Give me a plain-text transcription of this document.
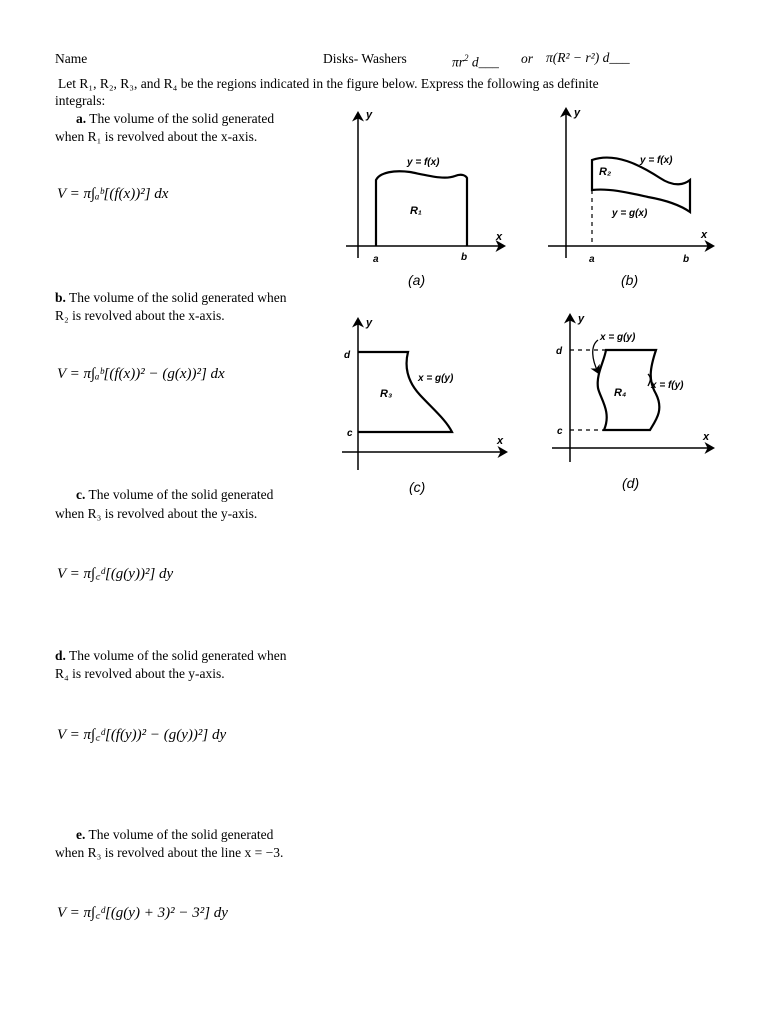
Name	Disks- Washers	$\pi r^2$ d___ or π(R² − r²) d___
Let R₁, R₂, R₃, and R₄ be the regions indicated in the figure below. Express the following as definite
integrals:
a. The volume of the solid generated
when R₁ is revolved about the x-axis.
V = π∫ₐᵇ[(f(x))²] dx
b. The volume of the solid generated when
R₂ is revolved about the x-axis.
V = π∫ₐᵇ[(f(x))² − (g(x))²] dx
c. The volume of the solid generated
when R₃ is revolved about the y-axis.
V = π∫꜀ᵈ[(g(y))²] dy
d. The volume of the solid generated when
R₄ is revolved about the y-axis.
V = π∫꜀ᵈ[(f(y))² − (g(y))²] dy
e. The volume of the solid generated
when R₃ is revolved about the line x = −3.
V = π∫꜀ᵈ[(g(y) + 3)² − 3²] dy
y
x
y = f(x)
R₁
a	b
(a)
y
x
y = f(x)
y = g(x)
R₂
a	b
(b)
y
x
x = g(y)
R₃
d
c
(c)
y
x
x = g(y)
x = f(y)
R₄
d
c
(d)
